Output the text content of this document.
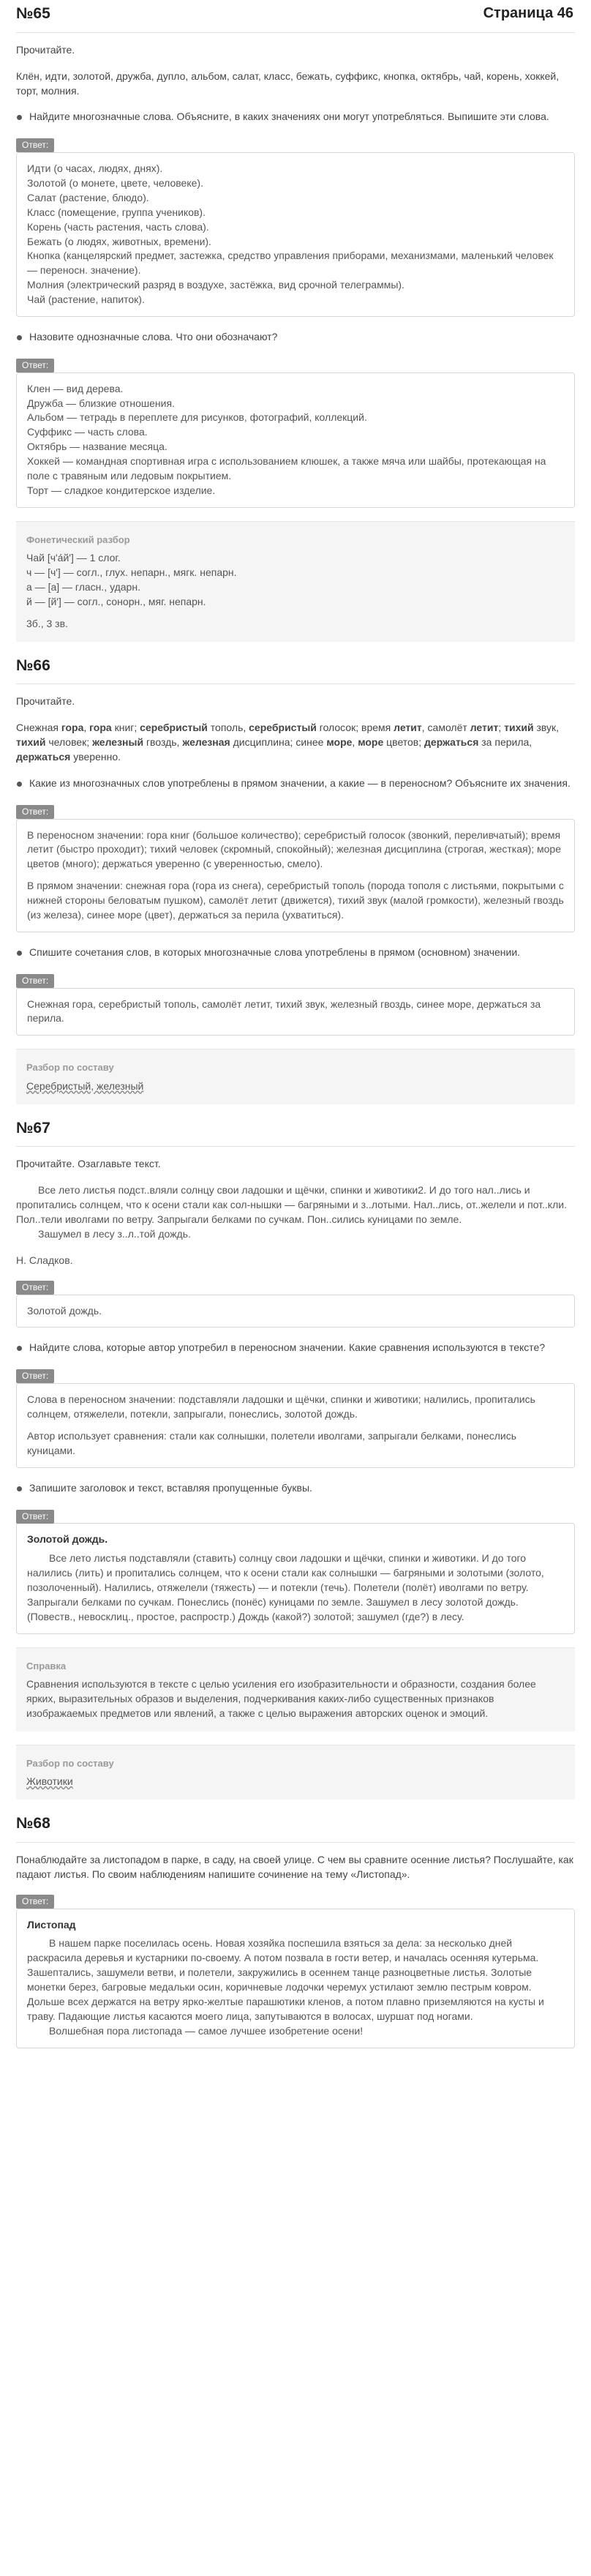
Страница 46
№65

Прочитайте.

Клён, идти, золотой, дружба, дупло, альбом, салат, класс, бежать, суффикс, кнопка, октябрь, чай, корень, хоккей, торт, молния.

Найдите многозначные слова. Объясните, в каких значениях они могут употребляться. Выпишите эти слова.
Ответ:
Идти (о часах, людях, днях).
Золотой (о монете, цвете, человеке).
Салат (растение, блюдо).
Класс (помещение, группа учеников).
Корень (часть растения, часть слова).
Бежать (о людях, животных, времени).
Кнопка (канцелярский предмет, застежка, средство управления приборами, механизмами, маленький человек — переносн. значение).
Молния (электрический разряд в воздухе, застёжка, вид срочной телеграммы).
Чай (растение, напиток).
Назовите однозначные слова. Что они обозначают?
Ответ:
Клен — вид дерева.
Дружба — близкие отношения.
Альбом — тетрадь в переплете для рисунков, фотографий, коллекций.
Суффикс — часть слова.
Октябрь — название месяца.
Хоккей — командная спортивная игра с использованием клюшек, а также мяча или шайбы, протекающая на поле с травяным или ледовым покрытием.
Торт — сладкое кондитерское изделие.
Фонетический разбор
Чай [ч'а́й'] — 1 слог.
ч — [ч'] — согл., глух. непарн., мягк. непарн.
а — [а] — гласн., ударн.
й — [й'] — согл., сонорн., мяг. непарн.
3б., 3 зв.
№66

Прочитайте.

Снежная гора, гора книг; серебристый тополь, серебристый голосок; время летит, самолёт летит; тихий звук, тихий человек; железный гвоздь, железная дисциплина; синее море, море цветов; держаться за перила, держаться уверенно.

Какие из многозначных слов употреблены в прямом значении, а какие — в переносном? Объясните их значения.
Ответ:

В переносном значении: гора книг (большое количество); серебристый голосок (звонкий, переливчатый); время летит (быстро проходит); тихий человек (скромный, спокойный); железная дисциплина (строгая, жесткая); море цветов (много); держаться уверенно (с уверенностью, смело).

В прямом значении: снежная гора (гора из снега), серебристый тополь (порода тополя с листьями, покрытыми с нижней стороны беловатым пушком), самолёт летит (движется), тихий звук (малой громкости), железный гвоздь (из железа), синее море (цвет), держаться за перила (ухватиться).

Спишите сочетания слов, в которых многозначные слова употреблены в прямом (основном) значении.
Ответ:

Снежная гора, серебристый тополь, самолёт летит, тихий звук, железный гвоздь, синее море, держаться за перила.

Разбор по составу
Серебристый, железный
№67

Прочитайте. Озаглавьте текст.

Все лето листья подст..вляли солнцу свои ладошки и щёчки, спинки и животики2. И до того нал..лись и пропитались солнцем, что к осени стали как сол-нышки — багряными и з..лотыми. Нал..лись, от..желели и пот..кли. Пол..тели иволгами по ветру. Запрыгали белками по сучкам. Пон..сились куницами по земле.

Зашумел в лесу з..л..той дождь.

Н. Сладков.

Ответ:

Золотой дождь.

Найдите слова, которые автор употребил в переносном значении. Какие сравнения используются в тексте?
Ответ:

Слова в переносном значении: подставляли ладошки и щёчки, спинки и животики; налились, пропитались солнцем, отяжелели, потекли, запрыгали, понеслись, золотой дождь.

Автор использует сравнения: стали как солнышки, полетели иволгами, запрыгали белками, понеслись куницами.

Запишите заголовок и текст, вставляя пропущенные буквы.
Ответ:
Золотой дождь.

Все лето листья подставляли (ставить) солнцу свои ладошки и щёчки, спинки и животики. И до того налились (лить) и пропитались солнцем, что к осени стали как солнышки — багряными и золотыми (золото, позолоченный). Налились, отяжелели (тяжесть) — и потекли (течь). Полетели (полёт) иволгами по ветру. Запрыгали белками по сучкам. Понеслись (понёс) куницами по земле. Зашумел в лесу золотой дождь. (Повеств., невосклиц., простое, распростр.) Дождь (какой?) золотой; зашумел (где?) в лесу.

Справка
Сравнения используются в тексте с целью усиления его изобразительности и образности, создания более ярких, выразительных образов и выделения, подчеркивания каких-либо существенных признаков изображаемых предметов или явлений, а также с целью выражения авторских оценок и эмоций.
Разбор по составу
Животики
№68

Понаблюдайте за листопадом в парке, в саду, на своей улице. С чем вы сравните осенние листья? Послушайте, как падают листья. По своим наблюдениям напишите сочинение на тему «Листопад».

Ответ:
Листопад

В нашем парке поселилась осень. Новая хозяйка поспешила взяться за дела: за несколько дней раскрасила деревья и кустарники по-своему. А потом позвала в гости ветер, и началась осенняя кутерьма. Зашептались, зашумели ветви, и полетели, закружились в осеннем танце разноцветные листья. Золотые монетки берез, багровые медальки осин, коричневые лодочки черемух устилают землю пестрым ковром. Дольше всех держатся на ветру ярко-желтые парашютики кленов, а потом плавно приземляются на кусты и траву. Падающие листья касаются моего лица, запутываются в волосах, шуршат под ногами.

Волшебная пора листопада — самое лучшее изобретение осени!
